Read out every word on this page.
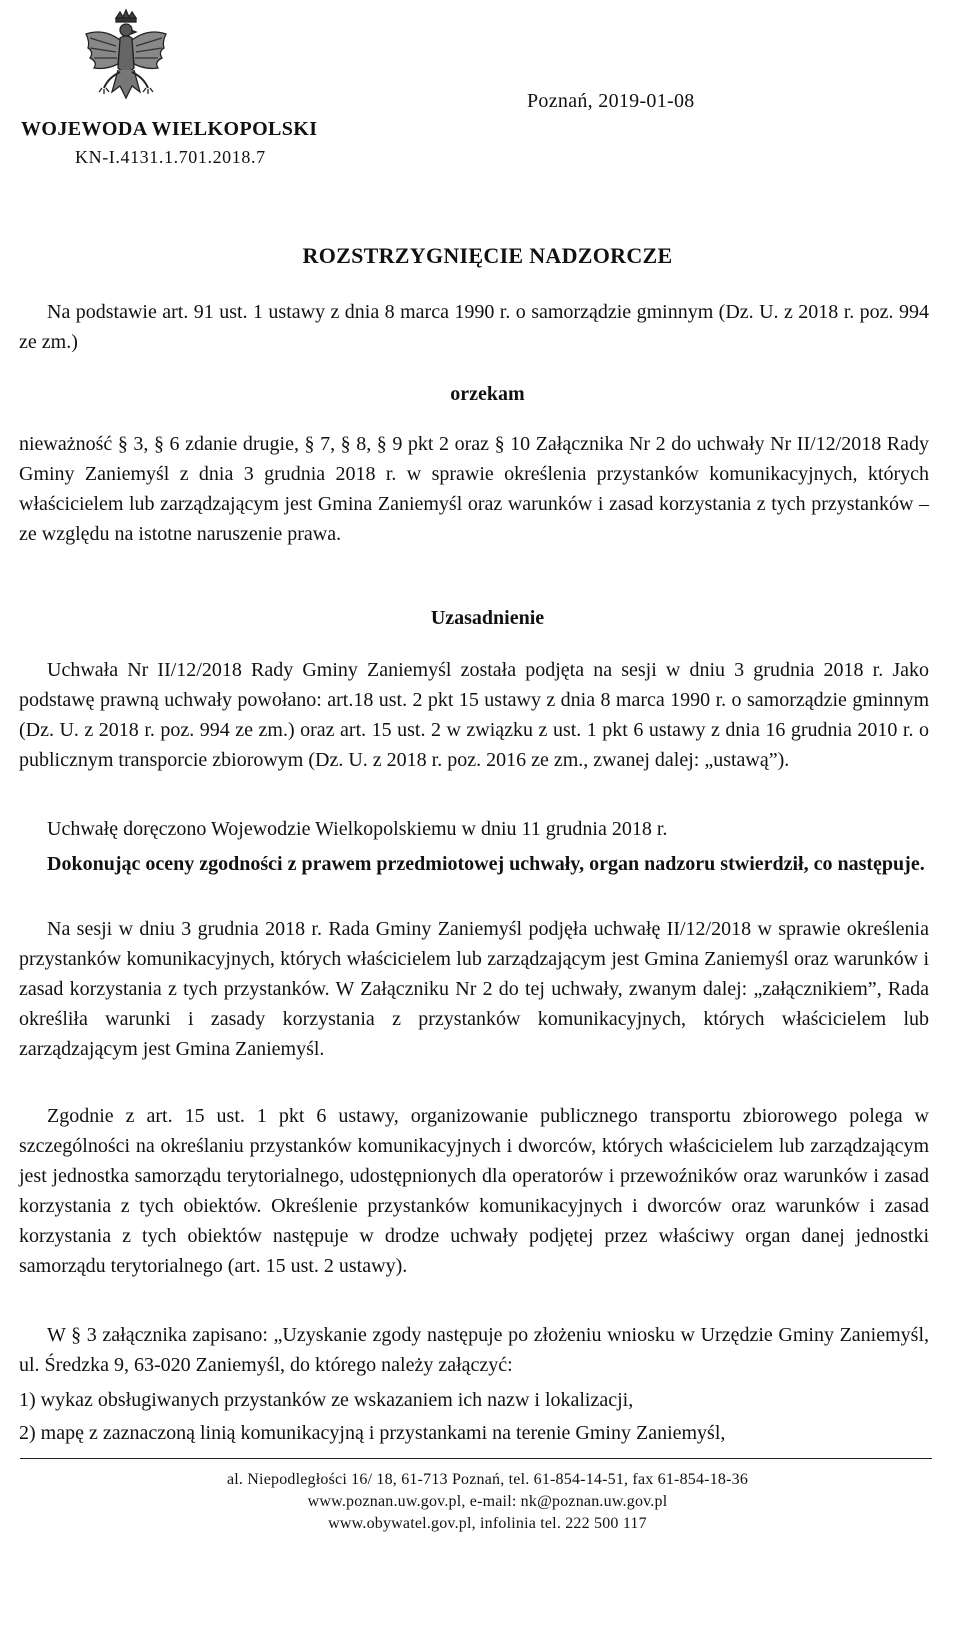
WOJEWODA WIELKOPOLSKI
KN-I.4131.1.701.2018.7
Poznań, 2019-01-08
ROZSTRZYGNIĘCIE NADZORCZE

Na podstawie art. 91 ust. 1 ustawy z dnia 8 marca 1990 r. o samorządzie gminnym (Dz. U. z 2018 r. poz. 994 ze zm.)

orzekam

nieważność § 3, § 6 zdanie drugie, § 7, § 8, § 9 pkt 2 oraz § 10 Załącznika Nr 2 do uchwały Nr II/12/2018 Rady Gminy Zaniemyśl z dnia 3 grudnia 2018 r. w sprawie określenia przystanków komunikacyjnych, których właścicielem lub zarządzającym jest Gmina Zaniemyśl oraz warunków i zasad korzystania z tych przystanków – ze względu na istotne naruszenie prawa.

Uzasadnienie

Uchwała Nr II/12/2018 Rady Gminy Zaniemyśl została podjęta na sesji w dniu 3 grudnia 2018 r. Jako podstawę prawną uchwały powołano: art.18 ust. 2 pkt 15 ustawy z dnia 8 marca 1990 r. o samorządzie gminnym (Dz. U. z 2018 r. poz. 994 ze zm.) oraz art. 15 ust. 2 w związku z ust. 1 pkt 6 ustawy z dnia 16 grudnia 2010 r. o publicznym transporcie zbiorowym (Dz. U. z 2018 r. poz. 2016 ze zm., zwanej dalej: „ustawą”).

Uchwałę doręczono Wojewodzie Wielkopolskiemu w dniu 11 grudnia 2018 r.

Dokonując oceny zgodności z prawem przedmiotowej uchwały, organ nadzoru stwierdził, co następuje.

Na sesji w dniu 3 grudnia 2018 r. Rada Gminy Zaniemyśl podjęła uchwałę II/12/2018 w sprawie określenia przystanków komunikacyjnych, których właścicielem lub zarządzającym jest Gmina Zaniemyśl oraz warunków i zasad korzystania z tych przystanków. W Załączniku Nr 2 do tej uchwały, zwanym dalej: „załącznikiem”, Rada określiła warunki i zasady korzystania z przystanków komunikacyjnych, których właścicielem lub zarządzającym jest Gmina Zaniemyśl.

Zgodnie z art. 15 ust. 1 pkt 6 ustawy, organizowanie publicznego transportu zbiorowego polega w szczególności na określaniu przystanków komunikacyjnych i dworców, których właścicielem lub zarządzającym jest jednostka samorządu terytorialnego, udostępnionych dla operatorów i przewoźników oraz warunków i zasad korzystania z tych obiektów. Określenie przystanków komunikacyjnych i dworców oraz warunków i zasad korzystania z tych obiektów następuje w drodze uchwały podjętej przez właściwy organ danej jednostki samorządu terytorialnego (art. 15 ust. 2 ustawy).

W § 3 załącznika zapisano: „Uzyskanie zgody następuje po złożeniu wniosku w Urzędzie Gminy Zaniemyśl, ul. Średzka 9, 63-020 Zaniemyśl, do którego należy załączyć:

1) wykaz obsługiwanych przystanków ze wskazaniem ich nazw i lokalizacji,
2) mapę z zaznaczoną linią komunikacyjną i przystankami na terenie Gminy Zaniemyśl,
al. Niepodległości 16/ 18, 61-713 Poznań, tel. 61-854-14-51, fax 61-854-18-36
www.poznan.uw.gov.pl, e-mail: nk@poznan.uw.gov.pl
www.obywatel.gov.pl, infolinia tel. 222 500 117
